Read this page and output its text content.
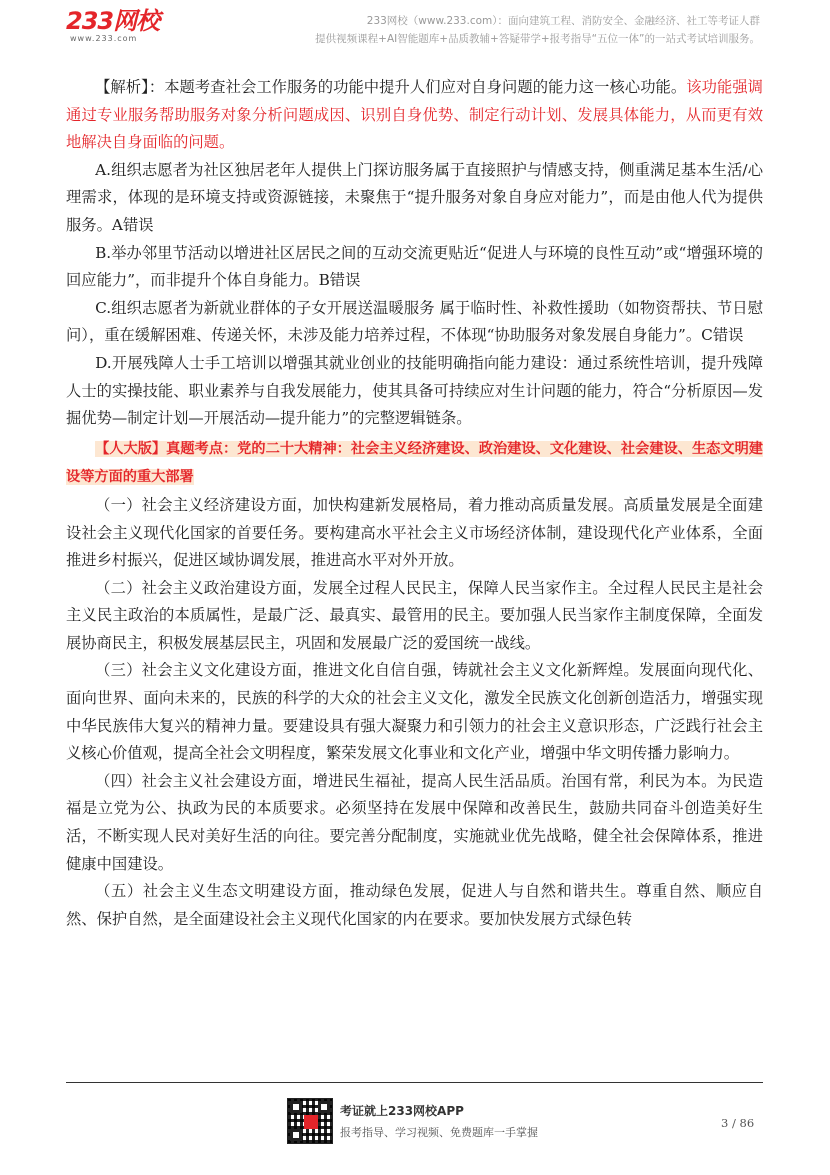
233网校
www.233.com
233网校（www.233.com）：面向建筑工程、消防安全、金融经济、社工等考证人群
提供视频课程+AI智能题库+品质教辅+答疑带学+报考指导“五位一体”的一站式考试培训服务。

【解析】：本题考查社会工作服务的功能中提升人们应对自身问题的能力这一核心功能。该功能强调通过专业服务帮助服务对象分析问题成因、识别自身优势、制定行动计划、发展具体能力，从而更有效地解决自身面临的问题。

A.组织志愿者为社区独居老年人提供上门探访服务属于直接照护与情感支持，侧重满足基本生活/心理需求，体现的是环境支持或资源链接，未聚焦于“提升服务对象自身应对能力”，而是由他人代为提供服务。A错误

B.举办邻里节活动以增进社区居民之间的互动交流更贴近“促进人与环境的良性互动”或“增强环境的回应能力”，而非提升个体自身能力。B错误

C.组织志愿者为新就业群体的子女开展送温暖服务 属于临时性、补救性援助（如物资帮扶、节日慰问），重在缓解困难、传递关怀，未涉及能力培养过程，不体现“协助服务对象发展自身能力”。C错误

D.开展残障人士手工培训以增强其就业创业的技能明确指向能力建设：通过系统性培训，提升残障人士的实操技能、职业素养与自我发展能力，使其具备可持续应对生计问题的能力，符合“分析原因—发掘优势—制定计划—开展活动—提升能力”的完整逻辑链条。

【人大版】真题考点：党的二十大精神：社会主义经济建设、政治建设、文化建设、社会建设、生态文明建设等方面的重大部署

（一）社会主义经济建设方面，加快构建新发展格局，着力推动高质量发展。高质量发展是全面建设社会主义现代化国家的首要任务。要构建高水平社会主义市场经济体制，建设现代化产业体系，全面推进乡村振兴，促进区域协调发展，推进高水平对外开放。

（二）社会主义政治建设方面，发展全过程人民民主，保障人民当家作主。全过程人民民主是社会主义民主政治的本质属性，是最广泛、最真实、最管用的民主。要加强人民当家作主制度保障，全面发展协商民主，积极发展基层民主，巩固和发展最广泛的爱国统一战线。

（三）社会主义文化建设方面，推进文化自信自强，铸就社会主义文化新辉煌。发展面向现代化、面向世界、面向未来的，民族的科学的大众的社会主义文化，激发全民族文化创新创造活力，增强实现中华民族伟大复兴的精神力量。要建设具有强大凝聚力和引领力的社会主义意识形态，广泛践行社会主义核心价值观，提高全社会文明程度，繁荣发展文化事业和文化产业，增强中华文明传播力影响力。

（四）社会主义社会建设方面，增进民生福祉，提高人民生活品质。治国有常，利民为本。为民造福是立党为公、执政为民的本质要求。必须坚持在发展中保障和改善民生，鼓励共同奋斗创造美好生活，不断实现人民对美好生活的向往。要完善分配制度，实施就业优先战略，健全社会保障体系，推进健康中国建设。

（五）社会主义生态文明建设方面，推动绿色发展，促进人与自然和谐共生。尊重自然、顺应自然、保护自然，是全面建设社会主义现代化国家的内在要求。要加快发展方式绿色转

考证就上233网校APP
报考指导、学习视频、免费题库一手掌握
3 / 86
